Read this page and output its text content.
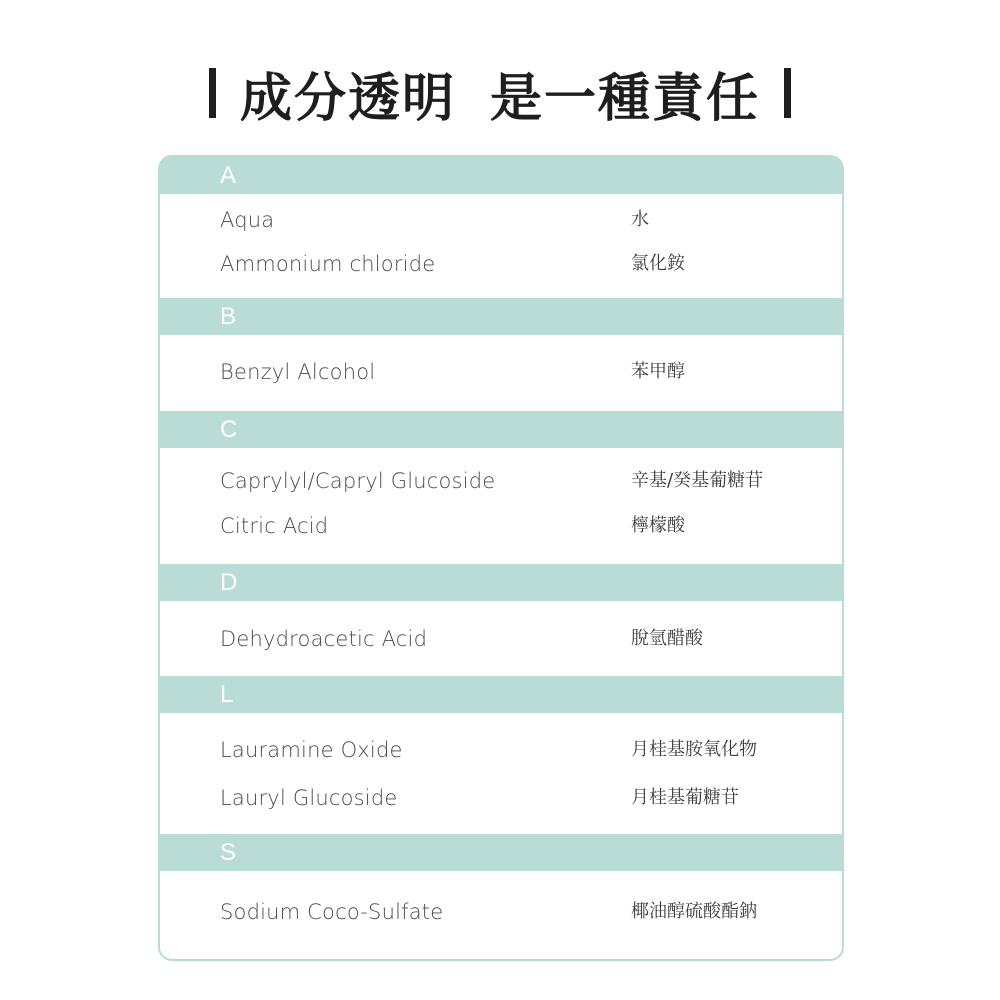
成分透明 是一種責任
A
Aqua	水
Ammonium chloride	氯化銨
B
Benzyl Alcohol	苯甲醇
C
Caprylyl/Capryl Glucoside	辛基/癸基葡糖苷
Citric Acid	檸檬酸
D
Dehydroacetic Acid	脫氫醋酸
L
Lauramine Oxide	月桂基胺氧化物
Lauryl Glucoside	月桂基葡糖苷
S
Sodium Coco-Sulfate	椰油醇硫酸酯鈉
